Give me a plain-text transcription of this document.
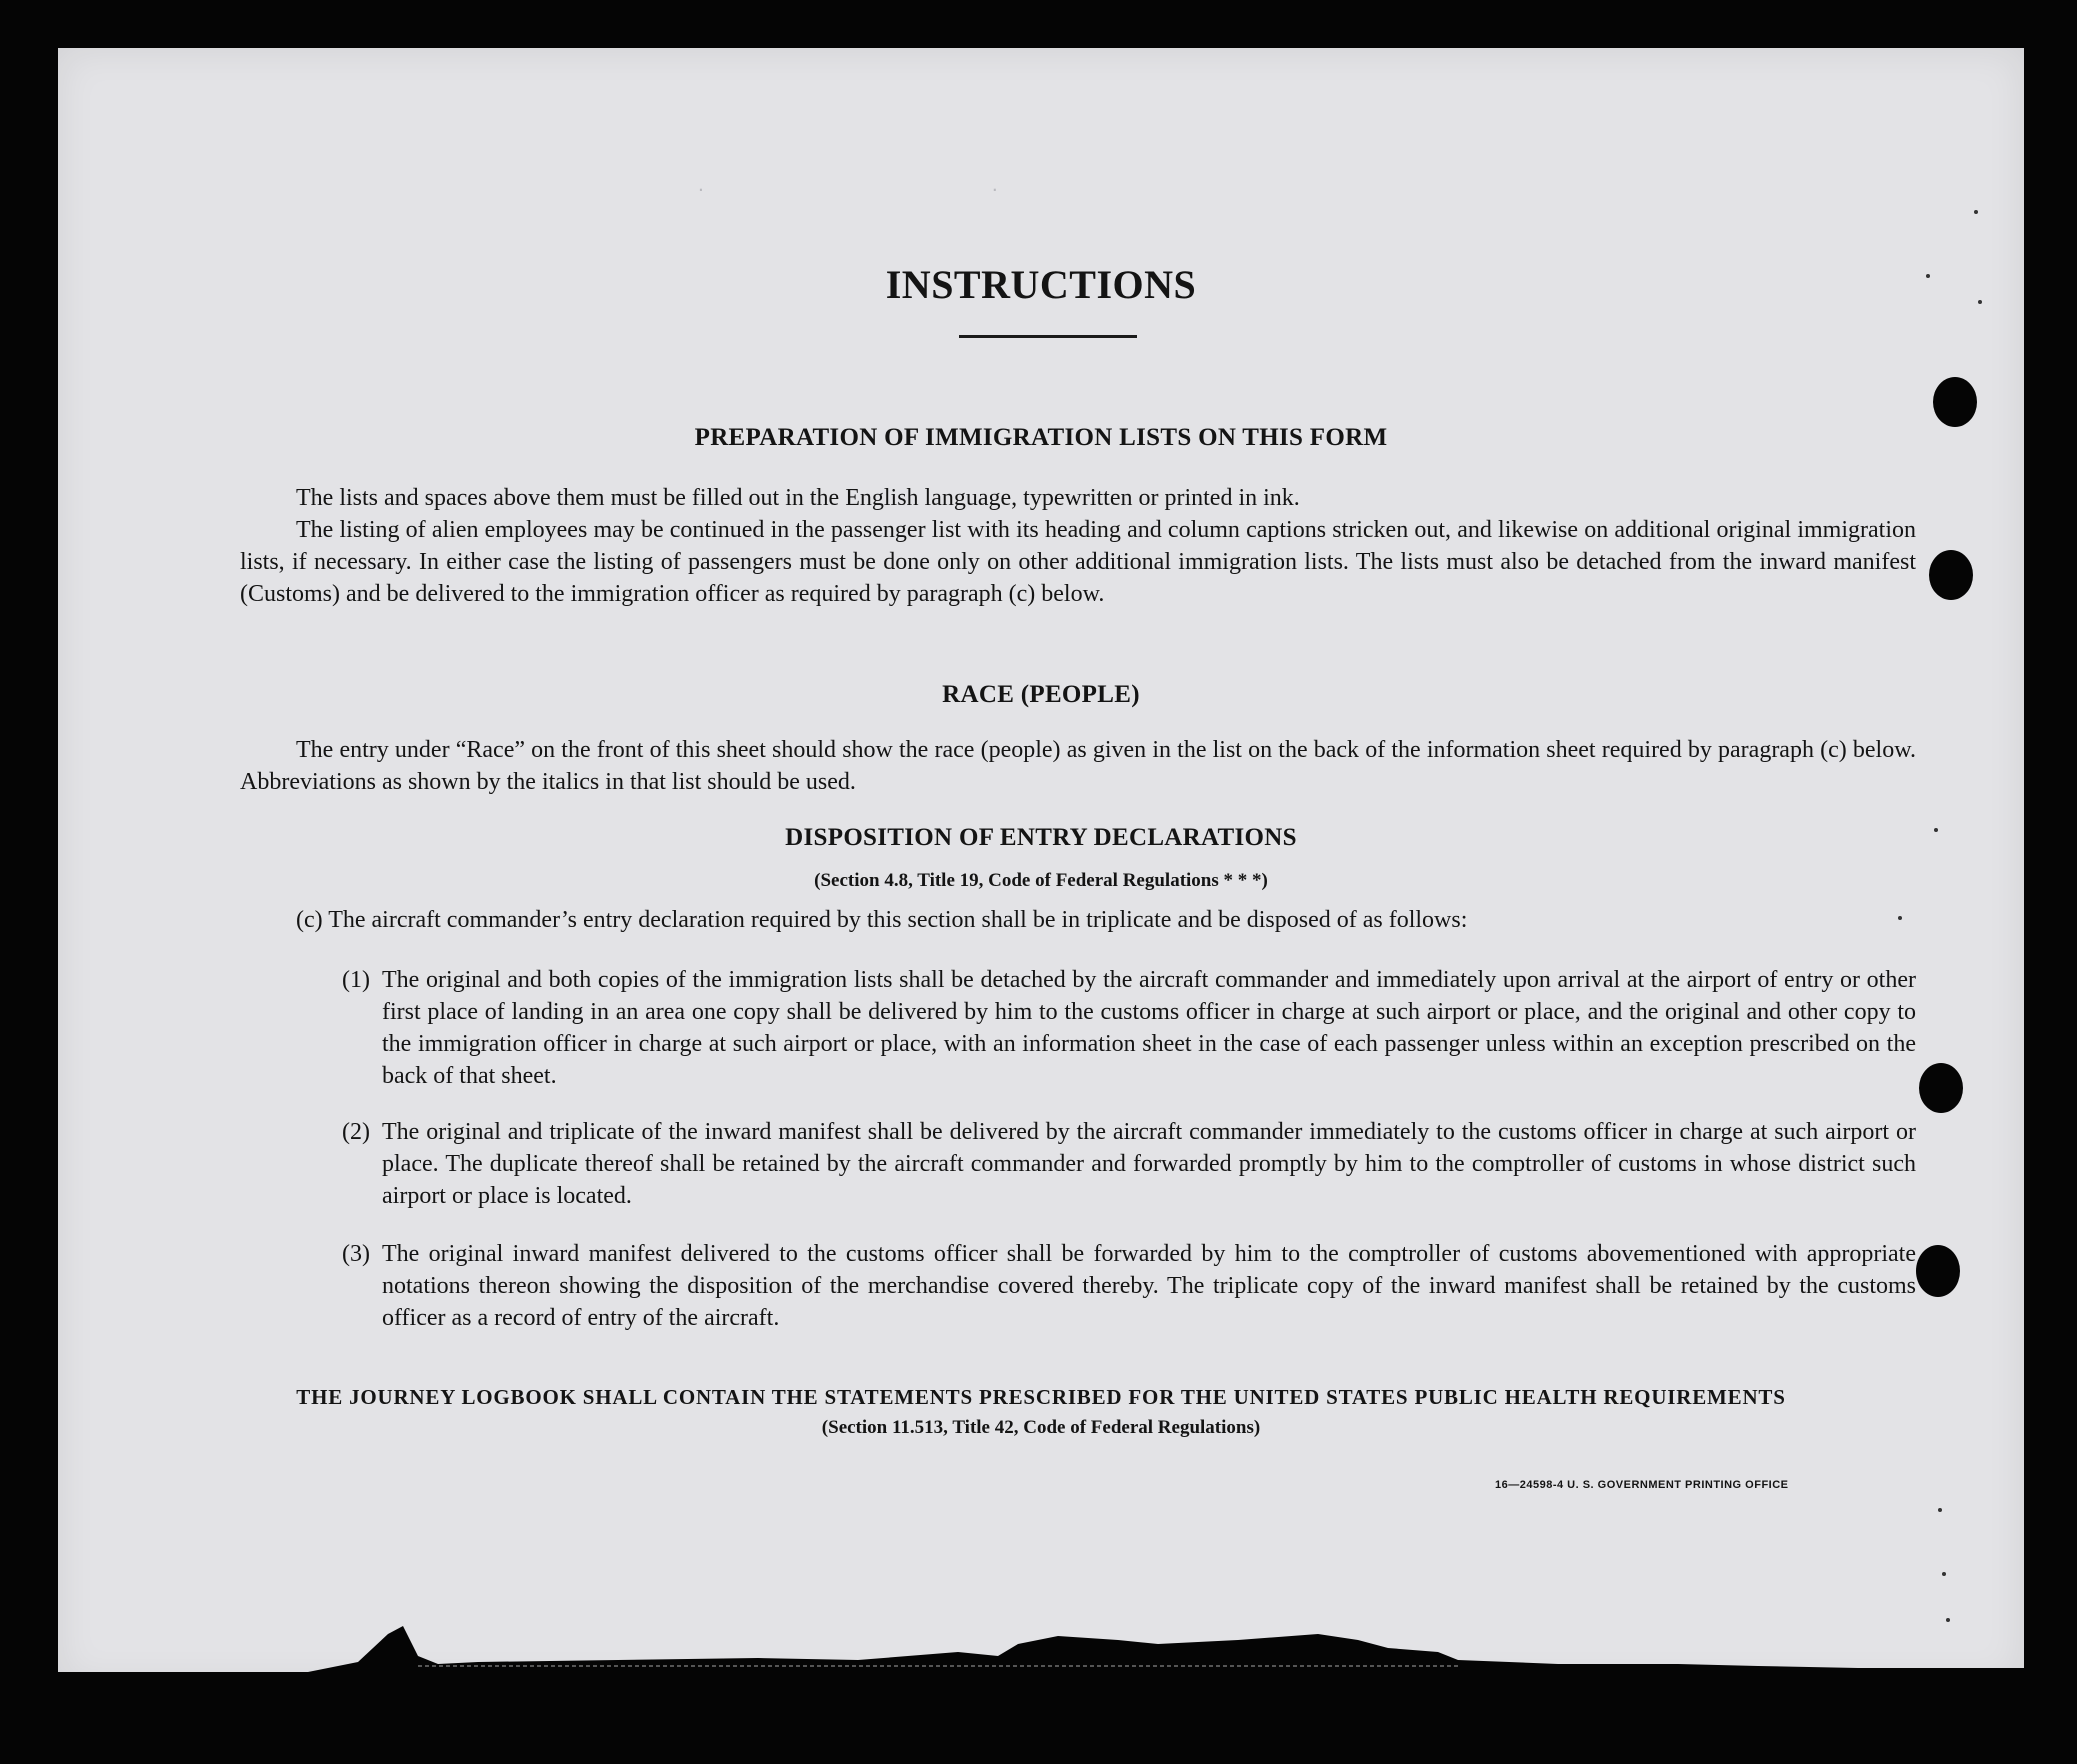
.                                          .
INSTRUCTIONS
PREPARATION OF IMMIGRATION LISTS ON THIS FORM

The lists and spaces above them must be filled out in the English language, typewritten or printed in ink.

The listing of alien employees may be continued in the passenger list with its heading and column captions stricken out, and likewise on additional original immigration lists, if necessary. In either case the listing of passengers must be done only on other additional immigration lists. The lists must also be detached from the inward manifest (Customs) and be delivered to the immigration officer as required by paragraph (c) below.

RACE (PEOPLE)

The entry under “Race” on the front of this sheet should show the race (people) as given in the list on the back of the information sheet required by paragraph (c) below. Abbreviations as shown by the italics in that list should be used.

DISPOSITION OF ENTRY DECLARATIONS
(Section 4.8, Title 19, Code of Federal Regulations * * *)
(c) The aircraft commander’s entry declaration required by this section shall be in triplicate and be disposed of as follows:
(1) The original and both copies of the immigration lists shall be detached by the aircraft commander and immediately upon arrival at the airport of entry or other first place of landing in an area one copy shall be delivered by him to the customs officer in charge at such airport or place, and the original and other copy to the immigration officer in charge at such airport or place, with an information sheet in the case of each passenger unless within an exception prescribed on the back of that sheet.
(2) The original and triplicate of the inward manifest shall be delivered by the aircraft commander immediately to the customs officer in charge at such airport or place. The duplicate thereof shall be retained by the aircraft commander and forwarded promptly by him to the comptroller of customs in whose district such airport or place is located.
(3) The original inward manifest delivered to the customs officer shall be forwarded by him to the comptroller of customs abovementioned with appropriate notations thereon showing the disposition of the merchandise covered thereby. The triplicate copy of the inward manifest shall be retained by the customs officer as a record of entry of the aircraft.
THE JOURNEY LOGBOOK SHALL CONTAIN THE STATEMENTS PRESCRIBED FOR THE UNITED STATES PUBLIC HEALTH REQUIREMENTS
(Section 11.513, Title 42, Code of Federal Regulations)
16—24598-4 U. S. GOVERNMENT PRINTING OFFICE
